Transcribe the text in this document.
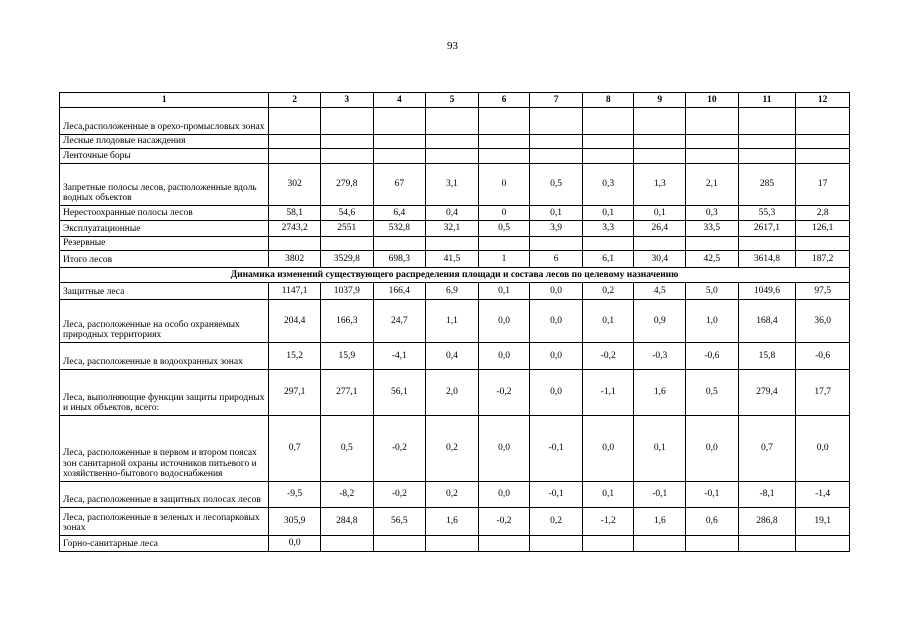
93
1	2	3	4	5	6	7	8	9	10	11	12
Леса,расположенные в орехо-промысловых зонах											
Лесные плодовые насаждения											
Ленточные боры											
Запретные полосы лесов, расположенные вдоль водных объектов	302	279,8	67	3,1	0	0,5	0,3	1,3	2,1	285	17
Нерестоохранные полосы лесов	58,1	54,6	6,4	0,4	0	0,1	0,1	0,1	0,3	55,3	2,8
Эксплуатационные	2743,2	2551	532,8	32,1	0,5	3,9	3,3	26,4	33,5	2617,1	126,1
Резервные											
Итого лесов	3802	3529,8	698,3	41,5	1	6	6,1	30,4	42,5	3614,8	187,2
Динамика изменений существующего распределения площади и состава лесов по целевому назначению											
Защитные леса	1147,1	1037,9	166,4	6,9	0,1	0,0	0,2	4,5	5,0	1049,6	97,5
Леса, расположенные на особо охраняемых природных территориях	204,4	166,3	24,7	1,1	0,0	0,0	0,1	0,9	1,0	168,4	36,0
Леса, расположенные в водоохранных зонах	15,2	15,9	-4,1	0,4	0,0	0,0	-0,2	-0,3	-0,6	15,8	-0,6
Леса, выполняющие функции защиты природных и иных объектов, всего:	297,1	277,1	56,1	2,0	-0,2	0,0	-1,1	1,6	0,5	279,4	17,7
Леса, расположенные в первом и втором поясах зон санитарной охраны источников питьевого и хозяйственно-бытового водоснабжения	0,7	0,5	-0,2	0,2	0,0	-0,1	0,0	0,1	0,0	0,7	0,0
Леса, расположенные в защитных полосах лесов	-9,5	-8,2	-0,2	0,2	0,0	-0,1	0,1	-0,1	-0,1	-8,1	-1,4
Леса, расположенные в зеленых и лесопарковых зонах	305,9	284,8	56,5	1,6	-0,2	0,2	-1,2	1,6	0,6	286,8	19,1
Горно-санитарные леса	0,0										
